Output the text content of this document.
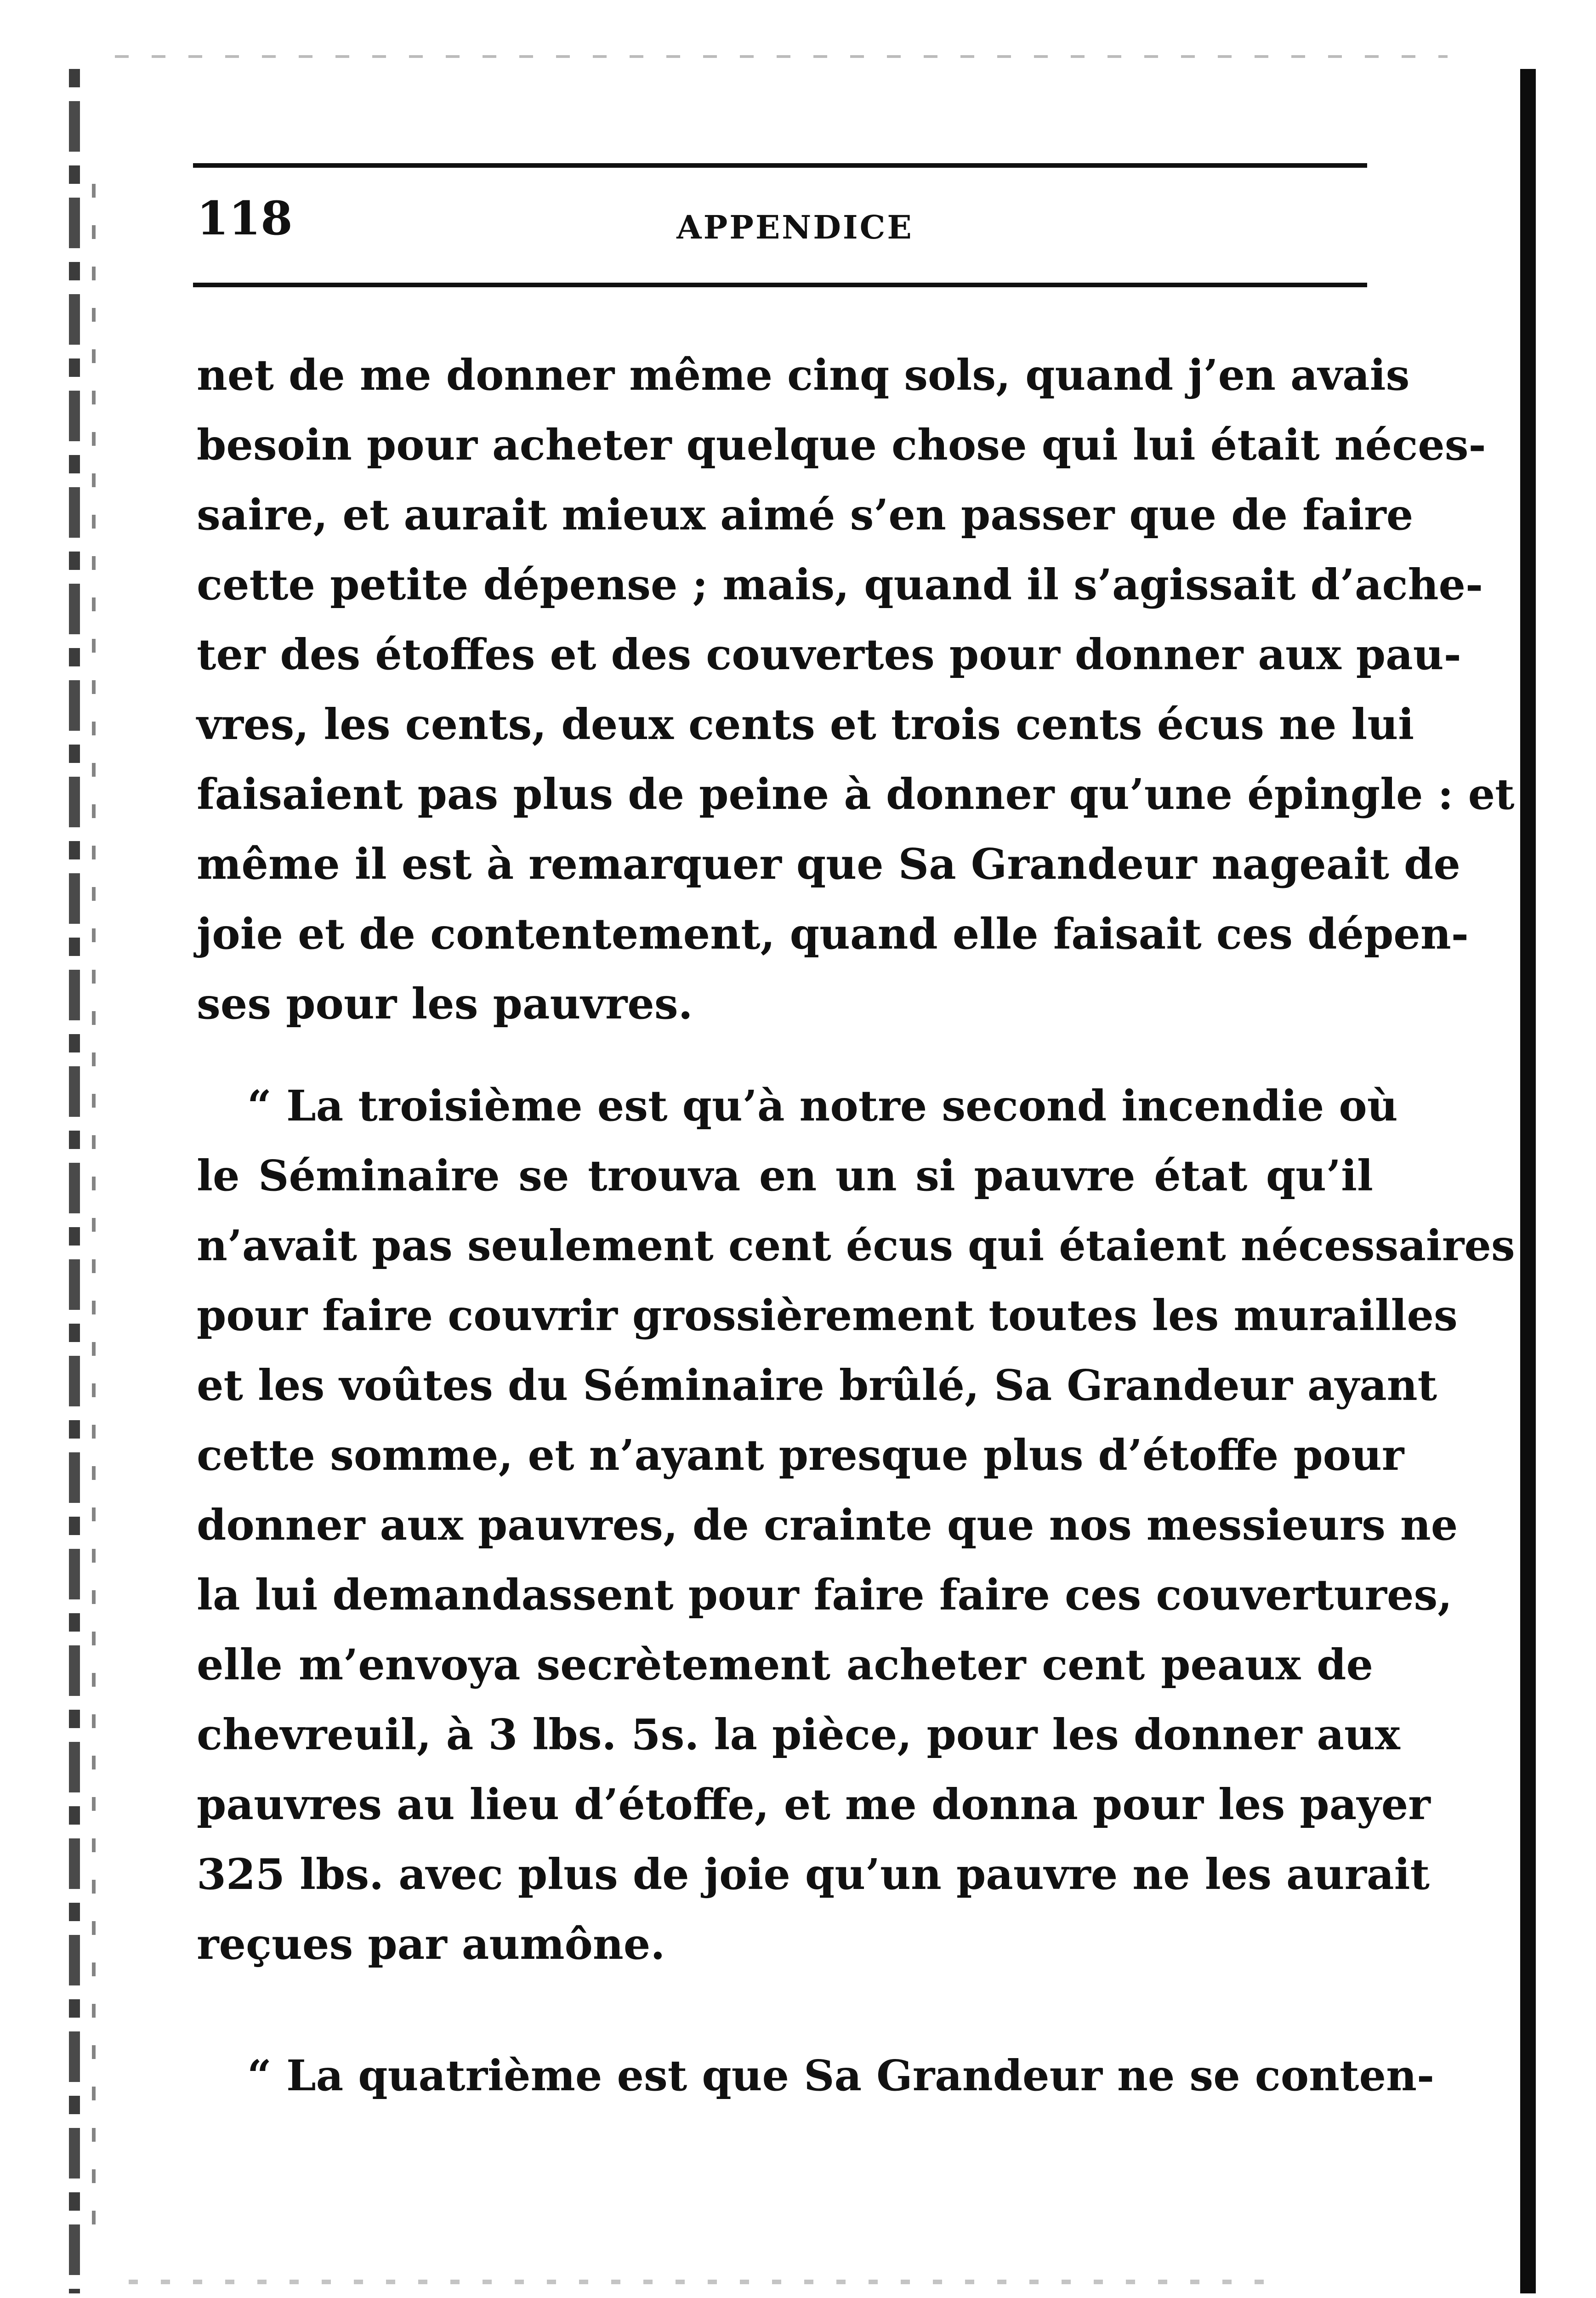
118	APPENDICE
net de me donner même cinq sols, quand j’en avais
besoin pour acheter quelque chose qui lui était néces-
saire, et aurait mieux aimé s’en passer que de faire
cette petite dépense ; mais, quand il s’agissait d’ache-
ter des étoffes et des couvertes pour donner aux pau-
vres, les cents, deux cents et trois cents écus ne lui
faisaient pas plus de peine à donner qu’une épingle : et
même il est à remarquer que Sa Grandeur nageait de
joie et de contentement, quand elle faisait ces dépen-
ses pour les pauvres.
“ La troisième est qu’à notre second incendie où
le Séminaire se trouva en un si pauvre état qu’il
n’avait pas seulement cent écus qui étaient nécessaires
pour faire couvrir grossièrement toutes les murailles
et les voûtes du Séminaire brûlé, Sa Grandeur ayant
cette somme, et n’ayant presque plus d’étoffe pour
donner aux pauvres, de crainte que nos messieurs ne
la lui demandassent pour faire faire ces couvertures,
elle m’envoya secrètement acheter cent peaux de
chevreuil, à 3 lbs. 5s. la pièce, pour les donner aux
pauvres au lieu d’étoffe, et me donna pour les payer
325 lbs. avec plus de joie qu’un pauvre ne les aurait
reçues par aumône.
“ La quatrième est que Sa Grandeur ne se conten-
